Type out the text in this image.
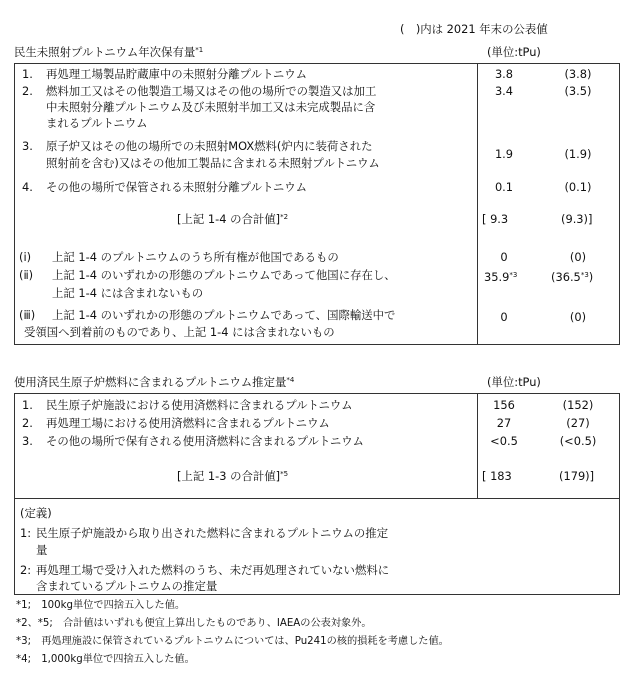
(　)内は 2021 年末の公表値
民生未照射プルトニウム年次保有量$^{*1}$	(単位:tPu)
1. 再処理工場製品貯蔵庫中の未照射分離プルトニウム	3.8	(3.8)
2. 燃料加工又はその他製造工場又はその他の場所での製造又は加工
中未照射分離プルトニウム及び未照射半加工又は未完成製品に含
まれるプルトニウム
3.4	(3.5)
3. 原子炉又はその他の場所での未照射MOX燃料(炉内に装荷された
照射前を含む)又はその他加工製品に含まれる未照射プルトニウム
1.9	(1.9)
4. その他の場所で保管される未照射分離プルトニウム	0.1	(0.1)
[上記 1-4 の合計値]$^{*2}$	[ 9.3	(9.3)]
(ⅰ) 上記 1-4 のプルトニウムのうち所有権が他国であるもの	0	(0)
(ⅱ) 上記 1-4 のいずれかの形態のプルトニウムであって他国に存在し、
上記 1-4 には含まれないもの
35.9$^{*3}$	(36.5$^{*3}$)
(ⅲ) 上記 1-4 のいずれかの形態のプルトニウムであって、国際輸送中で
受領国へ到着前のものであり、上記 1-4 には含まれないもの
0	(0)
使用済民生原子炉燃料に含まれるプルトニウム推定量$^{*4}$	(単位:tPu)
1. 民生原子炉施設における使用済燃料に含まれるプルトニウム	156	(152)
2. 再処理工場における使用済燃料に含まれるプルトニウム	27	(27)
3. その他の場所で保有される使用済燃料に含まれるプルトニウム	<0.5	(<0.5)
[上記 1-3 の合計値]$^{*5}$	[ 183	(179)]
(定義)
1: 民生原子炉施設から取り出された燃料に含まれるプルトニウムの推定
量
2: 再処理工場で受け入れた燃料のうち、未だ再処理されていない燃料に
含まれているプルトニウムの推定量
*1;　100kg単位で四捨五入した値。
*2、*5;　合計値はいずれも便宜上算出したものであり、IAEAの公表対象外。
*3;　再処理施設に保管されているプルトニウムについては、Pu241の核的損耗を考慮した値。
*4;　1,000kg単位で四捨五入した値。
